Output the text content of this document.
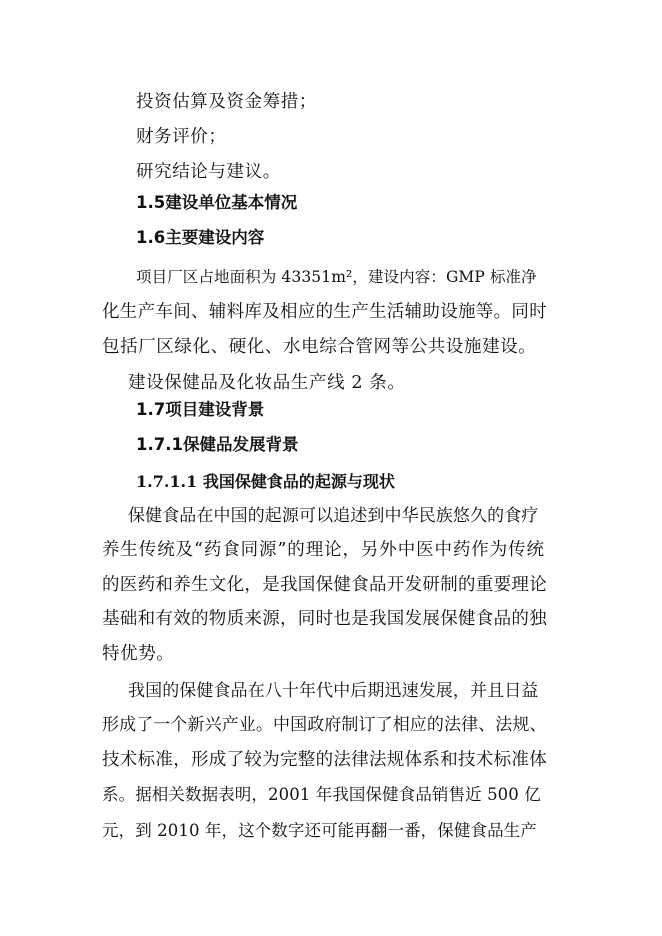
投资估算及资金筹措；
财务评价；
研究结论与建议。
1.5建设单位基本情况
1.6主要建设内容
项目厂区占地面积为 43351m²，建设内容：GMP 标准净
化生产车间、辅料库及相应的生产生活辅助设施等。同时
包括厂区绿化、硬化、水电综合管网等公共设施建设。
建设保健品及化妆品生产线 2 条。
1.7项目建设背景
1.7.1保健品发展背景
1.7.1.1 我国保健食品的起源与现状
保健食品在中国的起源可以追述到中华民族悠久的食疗
养生传统及“药食同源”的理论，另外中医中药作为传统
的医药和养生文化，是我国保健食品开发研制的重要理论
基础和有效的物质来源，同时也是我国发展保健食品的独
特优势。
我国的保健食品在八十年代中后期迅速发展，并且日益
形成了一个新兴产业。中国政府制订了相应的法律、法规、
技术标准，形成了较为完整的法律法规体系和技术标准体
系。据相关数据表明，2001 年我国保健食品销售近 500 亿
元，到 2010 年，这个数字还可能再翻一番，保健食品生产
